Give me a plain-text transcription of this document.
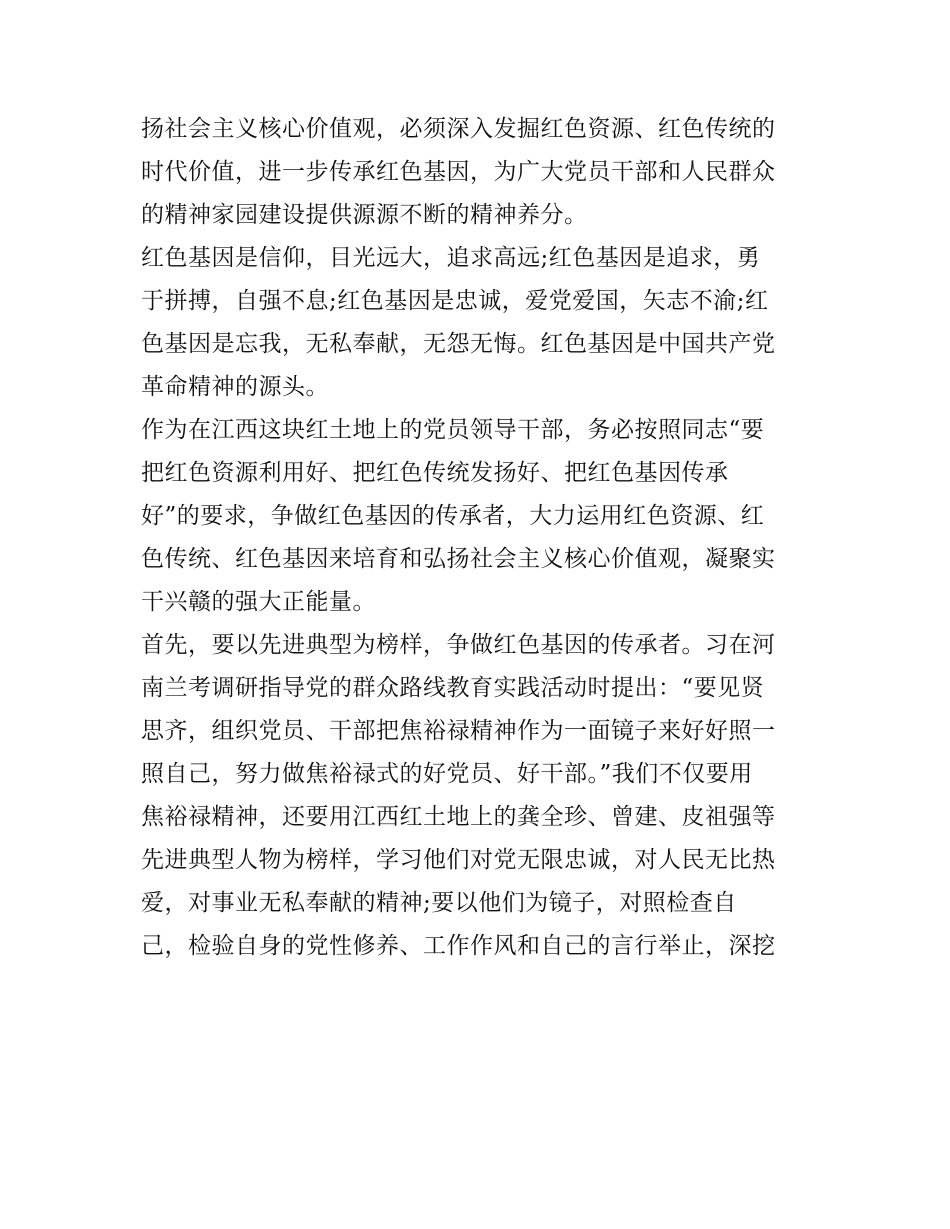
扬社会主义核心价值观，必须深入发掘红色资源、红色传统的
时代价值，进一步传承红色基因，为广大党员干部和人民群众
的精神家园建设提供源源不断的精神养分。
红色基因是信仰，目光远大，追求高远;红色基因是追求，勇
于拼搏，自强不息;红色基因是忠诚，爱党爱国，矢志不渝;红
色基因是忘我，无私奉献，无怨无悔。红色基因是中国共产党
革命精神的源头。
作为在江西这块红土地上的党员领导干部，务必按照同志“要
把红色资源利用好、把红色传统发扬好、把红色基因传承
好”的要求，争做红色基因的传承者，大力运用红色资源、红
色传统、红色基因来培育和弘扬社会主义核心价值观，凝聚实
干兴赣的强大正能量。
首先，要以先进典型为榜样，争做红色基因的传承者。习在河
南兰考调研指导党的群众路线教育实践活动时提出：“要见贤
思齐，组织党员、干部把焦裕禄精神作为一面镜子来好好照一
照自己，努力做焦裕禄式的好党员、好干部。”我们不仅要用
焦裕禄精神，还要用江西红土地上的龚全珍、曾建、皮祖强等
先进典型人物为榜样，学习他们对党无限忠诚，对人民无比热
爱，对事业无私奉献的精神;要以他们为镜子，对照检查自
己，检验自身的党性修养、工作作风和自己的言行举止，深挖
